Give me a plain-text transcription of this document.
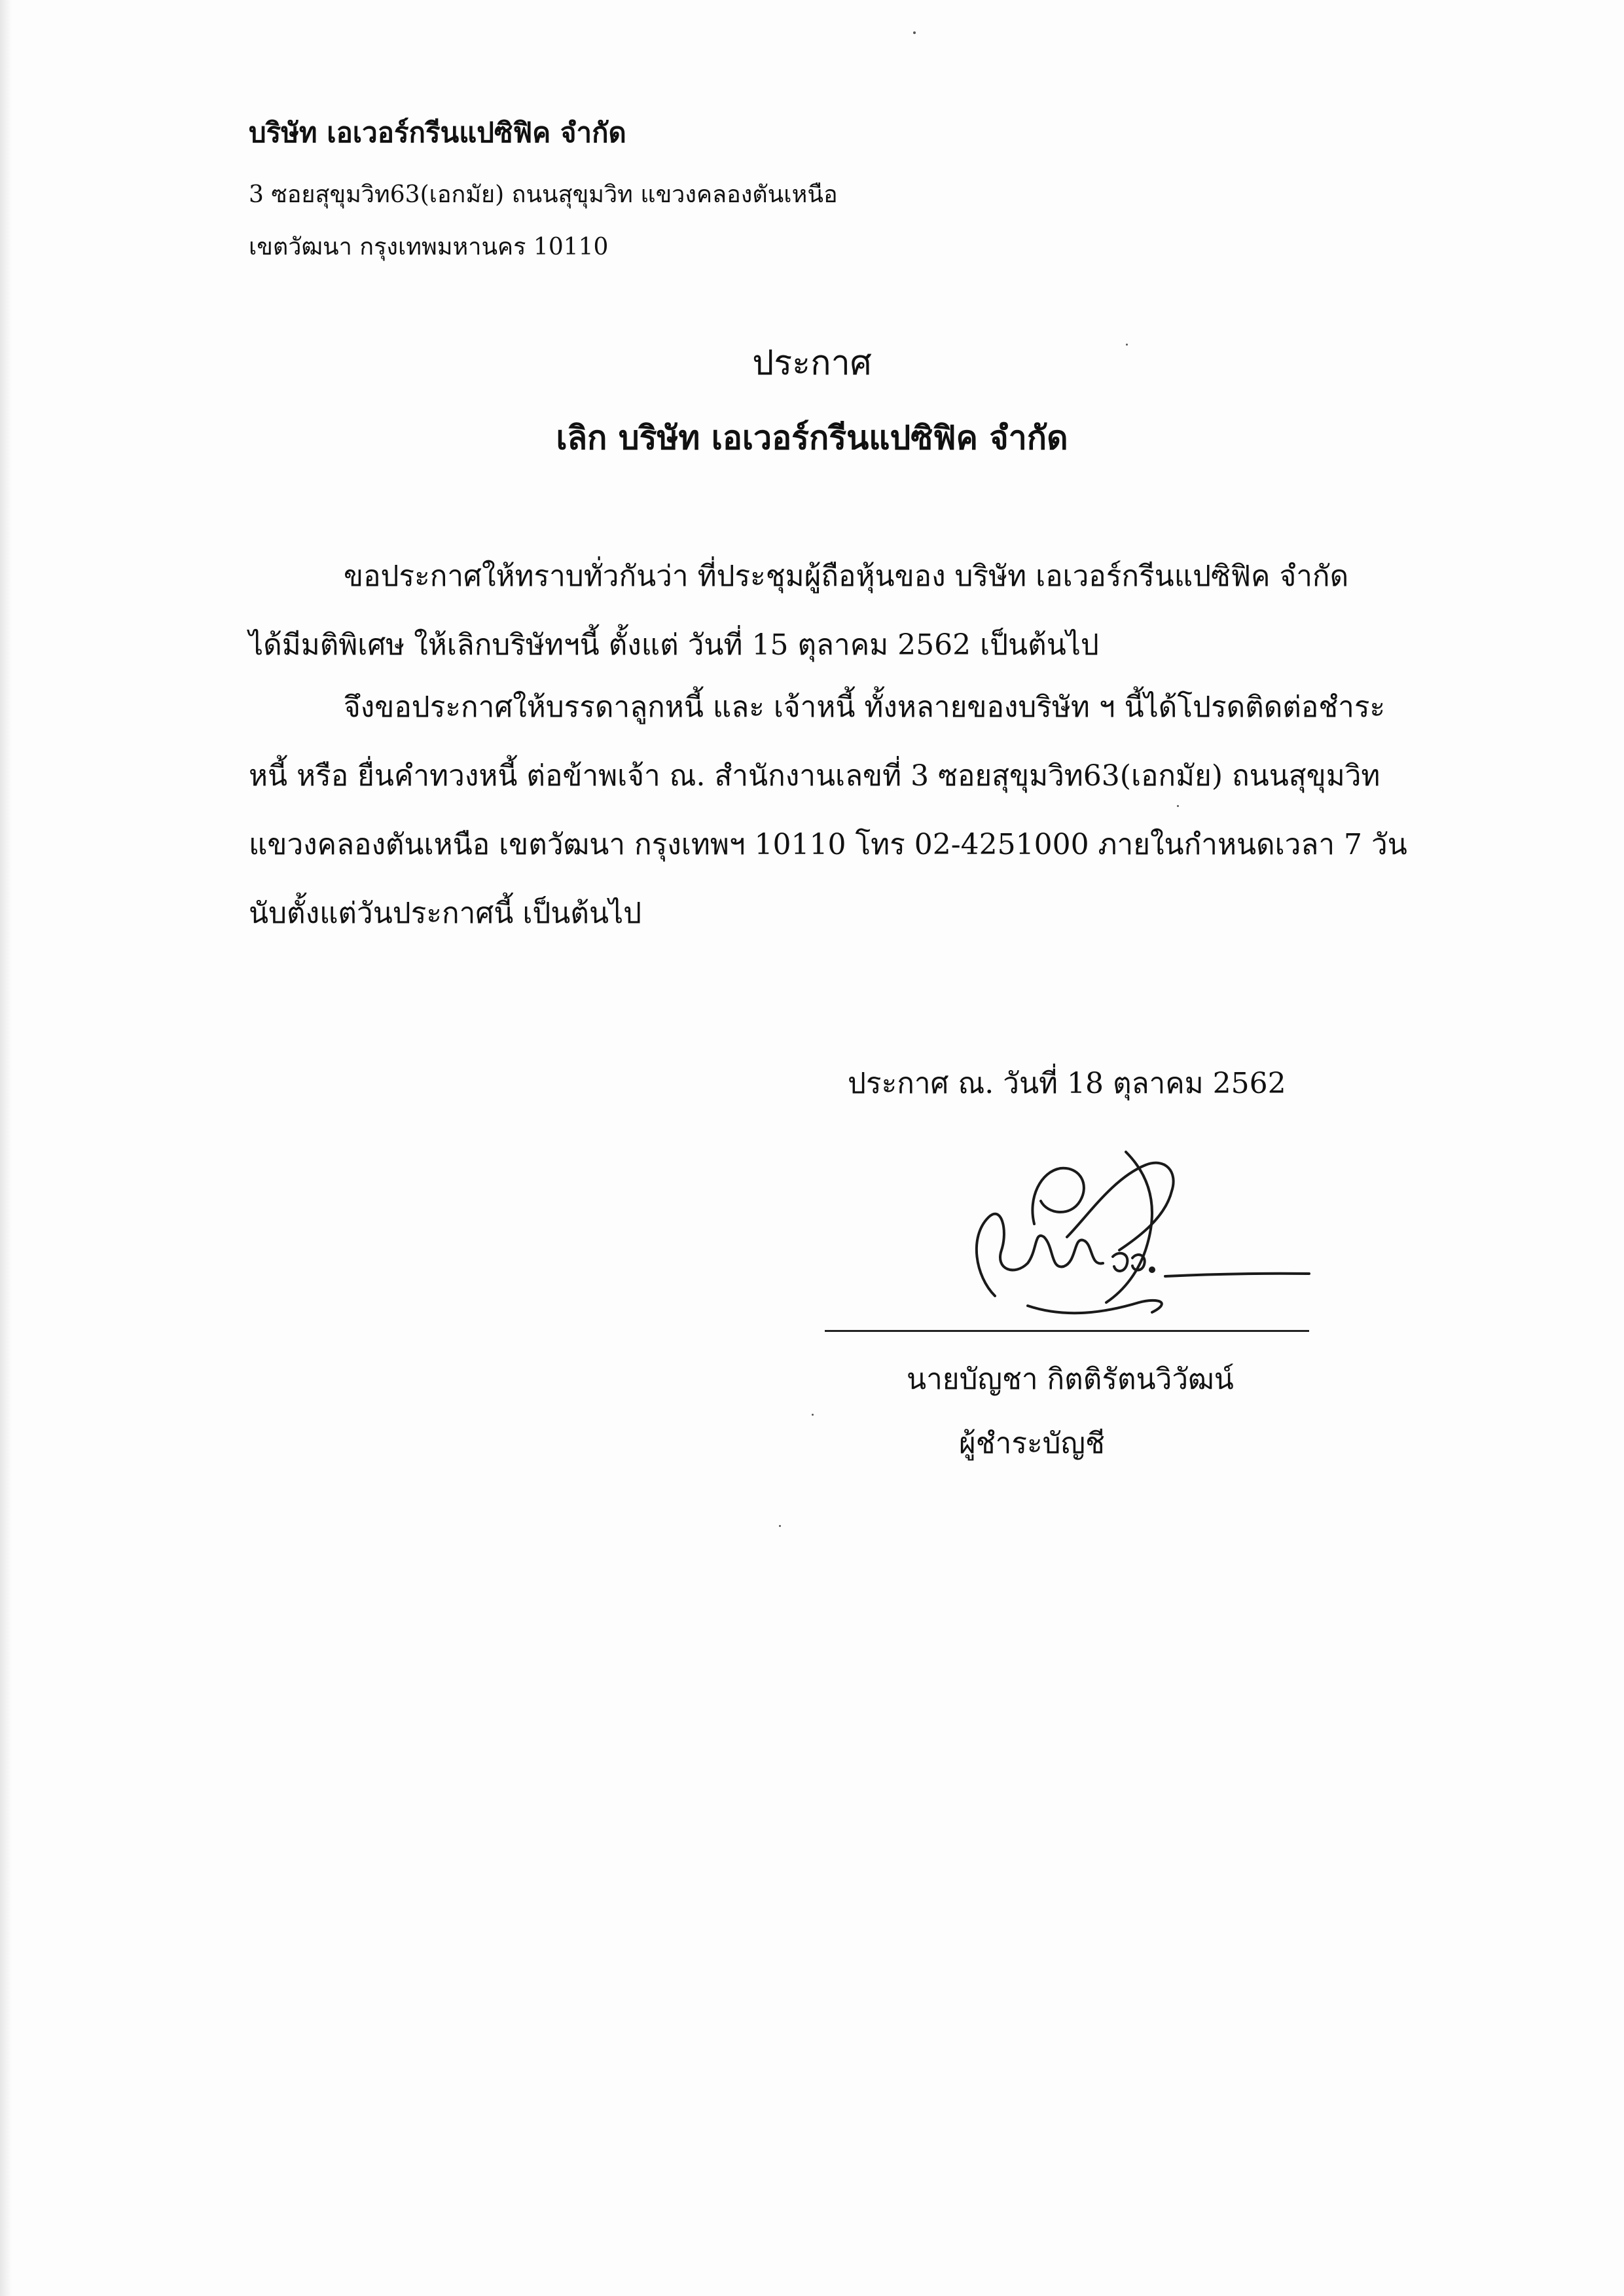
บริษัท เอเวอร์กรีนแปซิฟิค จำกัด
3 ซอยสุขุมวิท63(เอกมัย) ถนนสุขุมวิท แขวงคลองตันเหนือ
เขตวัฒนา กรุงเทพมหานคร 10110
ประกาศ
เลิก บริษัท เอเวอร์กรีนแปซิฟิค จำกัด
ขอประกาศให้ทราบทั่วกันว่า ที่ประชุมผู้ถือหุ้นของ บริษัท เอเวอร์กรีนแปซิฟิค จำกัด
ได้มีมติพิเศษ ให้เลิกบริษัทฯนี้ ตั้งแต่ วันที่ 15 ตุลาคม 2562 เป็นต้นไป
จึงขอประกาศให้บรรดาลูกหนี้ และ เจ้าหนี้ ทั้งหลายของบริษัท ฯ นี้ได้โปรดติดต่อชำระ
หนี้ หรือ ยื่นคำทวงหนี้ ต่อข้าพเจ้า ณ. สำนักงานเลขที่ 3 ซอยสุขุมวิท63(เอกมัย) ถนนสุขุมวิท
แขวงคลองตันเหนือ เขตวัฒนา กรุงเทพฯ 10110 โทร 02-4251000 ภายในกำหนดเวลา 7 วัน
นับตั้งแต่วันประกาศนี้ เป็นต้นไป
ประกาศ ณ. วันที่ 18 ตุลาคม 2562
นายบัญชา กิตติรัตนวิวัฒน์
ผู้ชำระบัญชี
